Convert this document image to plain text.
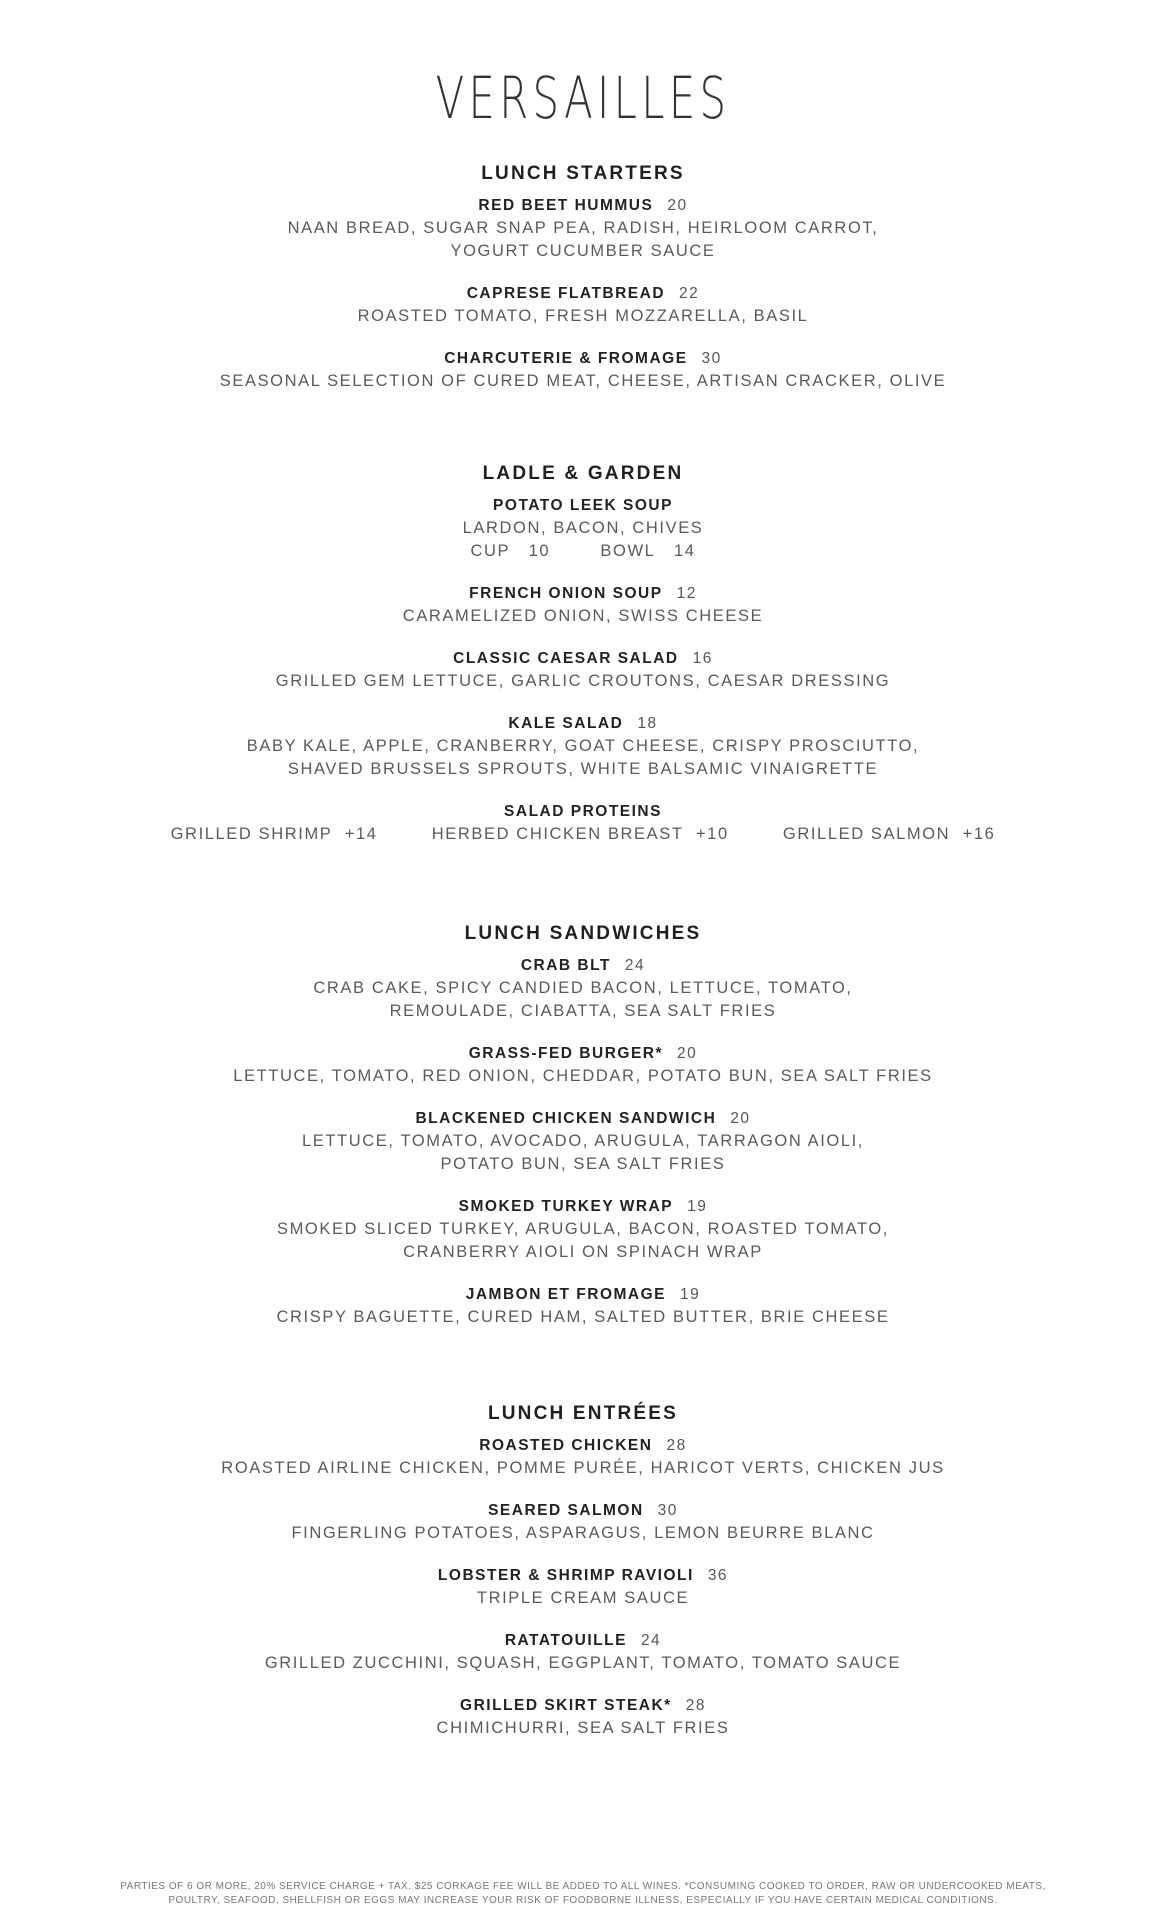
VERSAILLES
LUNCH STARTERS
RED BEET HUMMUS 20
NAAN BREAD, SUGAR SNAP PEA, RADISH, HEIRLOOM CARROT,
YOGURT CUCUMBER SAUCE
CAPRESE FLATBREAD 22
ROASTED TOMATO, FRESH MOZZARELLA, BASIL
CHARCUTERIE & FROMAGE 30
SEASONAL SELECTION OF CURED MEAT, CHEESE, ARTISAN CRACKER, OLIVE
LADLE & GARDEN
POTATO LEEK SOUP
LARDON, BACON, CHIVES
CUP 10	BOWL 14
FRENCH ONION SOUP 12
CARAMELIZED ONION, SWISS CHEESE
CLASSIC CAESAR SALAD 16
GRILLED GEM LETTUCE, GARLIC CROUTONS, CAESAR DRESSING
KALE SALAD 18
BABY KALE, APPLE, CRANBERRY, GOAT CHEESE, CRISPY PROSCIUTTO,
SHAVED BRUSSELS SPROUTS, WHITE BALSAMIC VINAIGRETTE
SALAD PROTEINS
GRILLED SHRIMP +14	HERBED CHICKEN BREAST +10	GRILLED SALMON +16
LUNCH SANDWICHES
CRAB BLT 24
CRAB CAKE, SPICY CANDIED BACON, LETTUCE, TOMATO,
REMOULADE, CIABATTA, SEA SALT FRIES
GRASS-FED BURGER* 20
LETTUCE, TOMATO, RED ONION, CHEDDAR, POTATO BUN, SEA SALT FRIES
BLACKENED CHICKEN SANDWICH 20
LETTUCE, TOMATO, AVOCADO, ARUGULA, TARRAGON AIOLI,
POTATO BUN, SEA SALT FRIES
SMOKED TURKEY WRAP 19
SMOKED SLICED TURKEY, ARUGULA, BACON, ROASTED TOMATO,
CRANBERRY AIOLI ON SPINACH WRAP
JAMBON ET FROMAGE 19
CRISPY BAGUETTE, CURED HAM, SALTED BUTTER, BRIE CHEESE
LUNCH ENTRÉES
ROASTED CHICKEN 28
ROASTED AIRLINE CHICKEN, POMME PURÉE, HARICOT VERTS, CHICKEN JUS
SEARED SALMON 30
FINGERLING POTATOES, ASPARAGUS, LEMON BEURRE BLANC
LOBSTER & SHRIMP RAVIOLI 36
TRIPLE CREAM SAUCE
RATATOUILLE 24
GRILLED ZUCCHINI, SQUASH, EGGPLANT, TOMATO, TOMATO SAUCE
GRILLED SKIRT STEAK* 28
CHIMICHURRI, SEA SALT FRIES
PARTIES OF 6 OR MORE, 20% SERVICE CHARGE + TAX. $25 CORKAGE FEE WILL BE ADDED TO ALL WINES. *CONSUMING COOKED TO ORDER, RAW OR UNDERCOOKED MEATS,
POULTRY, SEAFOOD, SHELLFISH OR EGGS MAY INCREASE YOUR RISK OF FOODBORNE ILLNESS, ESPECIALLY IF YOU HAVE CERTAIN MEDICAL CONDITIONS.
